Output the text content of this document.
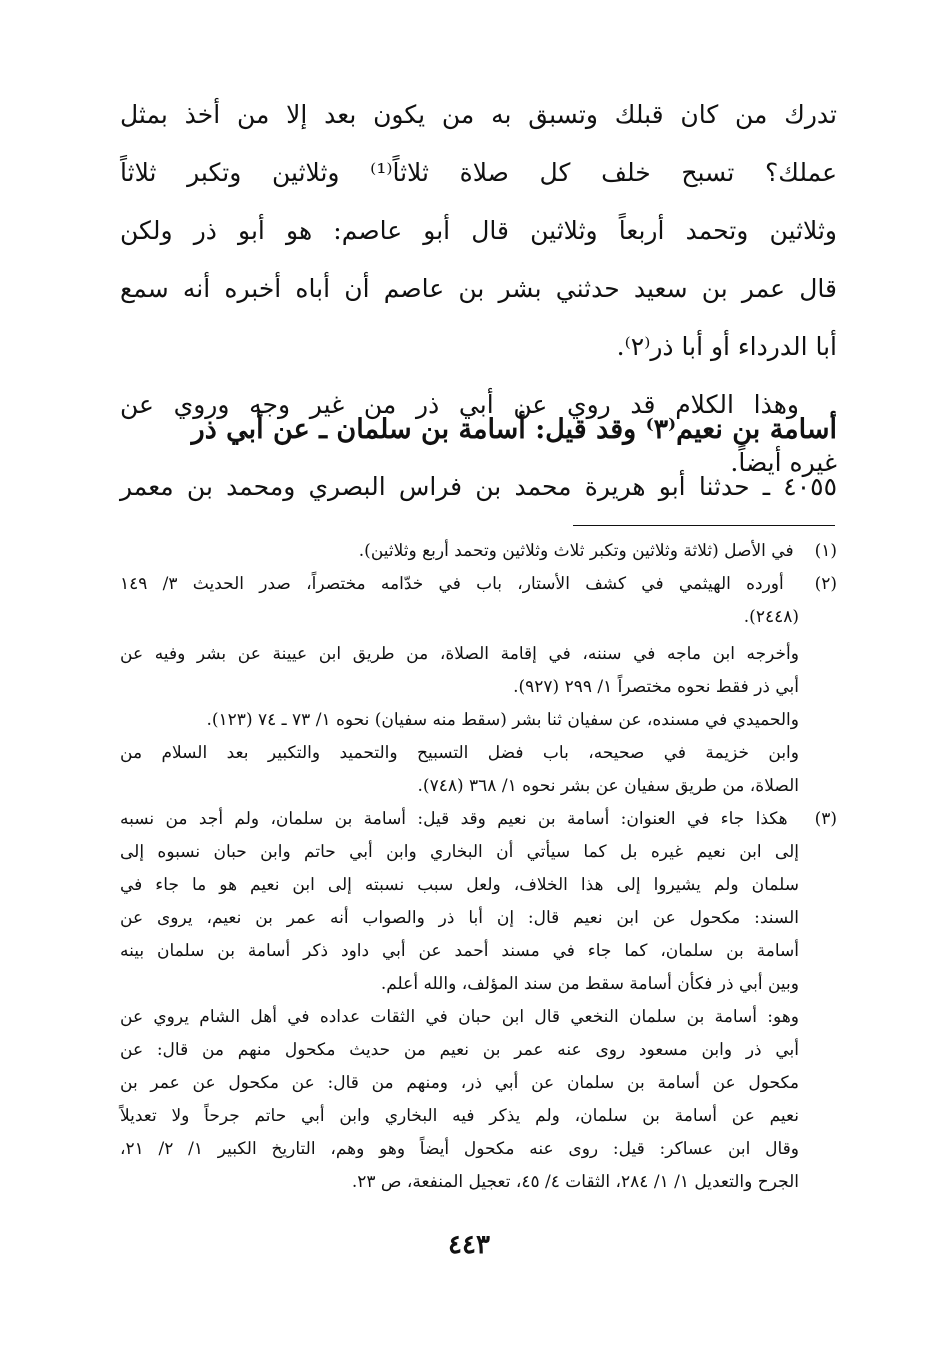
تدرك من كان قبلك وتسبق به من يكون بعد إلا من أخذ بمثل
عملك؟ تسبح خلف كل صلاة ثلاثاً⁽¹⁾ وثلاثين وتكبر ثلاثاً
وثلاثين وتحمد أربعاً وثلاثين قال أبو عاصم: هو أبو ذر ولكن
قال عمر بن سعيد حدثني بشر بن عاصم أن أباه أخبره أنه سمع
أبا الدرداء أو أبا ذر⁽٢⁾.
وهذا الكلام قد روي عن أبي ذر من غير وجه وروي عن
غيره أيضاً.
أسامة بن نعيم⁽٣⁾ وقد قيل: أسامة بن سلمان ـ عن أبي ذر
٤٠٥٥ ـ حدثنا أبو هريرة محمد بن فراس البصري ومحمد بن معمر
(١) في الأصل (ثلاثة وثلاثين وتكبر ثلاث وثلاثين وتحمد أربع وثلاثين).
(٢) أورده الهيثمي في كشف الأستار، باب في خدّامه مختصراً، صدر الحديث ٣/ ١٤٩
(٢٤٤٨).
وأخرجه ابن ماجه في سننه، في إقامة الصلاة، من طريق ابن عيينة عن بشر وفيه عن
أبي ذر فقط نحوه مختصراً ١/ ٢٩٩ (٩٢٧).
والحميدي في مسنده، عن سفيان ثنا بشر (سقط منه سفيان) نحوه ١/ ٧٣ ـ ٧٤ (١٢٣).
وابن خزيمة في صحيحه، باب فضل التسبيح والتحميد والتكبير بعد السلام من
الصلاة، من طريق سفيان عن بشر نحوه ١/ ٣٦٨ (٧٤٨).
(٣) هكذا جاء في العنوان: أسامة بن نعيم وقد قيل: أسامة بن سلمان، ولم أجد من نسبه
إلى ابن نعيم غيره بل كما سيأتي أن البخاري وابن أبي حاتم وابن حبان نسبوه إلى
سلمان ولم يشيروا إلى هذا الخلاف، ولعل سبب نسبته إلى ابن نعيم هو ما جاء في
السند: مكحول عن ابن نعيم قال: إن أبا ذر والصواب أنه عمر بن نعيم، يروى عن
أسامة بن سلمان، كما جاء في مسند أحمد عن أبي داود ذكر أسامة بن سلمان بينه
وبين أبي ذر فكأن أسامة سقط من سند المؤلف، والله أعلم.
وهو: أسامة بن سلمان النخعي قال ابن حبان في الثقات عداده في أهل الشام يروي عن
أبي ذر وابن مسعود روى عنه عمر بن نعيم من حديث مكحول منهم من قال: عن
مكحول عن أسامة بن سلمان عن أبي ذر، ومنهم من قال: عن مكحول عن عمر بن
نعيم عن أسامة بن سلمان، ولم يذكر فيه البخاري وابن أبي حاتم جرحاً ولا تعديلاً
وقال ابن عساكر: قيل: روى عنه مكحول أيضاً وهو وهم، التاريخ الكبير ١/ ٢/ ٢١،
الجرح والتعديل ١/ ١/ ٢٨٤، الثقات ٤/ ٤٥، تعجيل المنفعة، ص ٢٣.
٤٤٣
